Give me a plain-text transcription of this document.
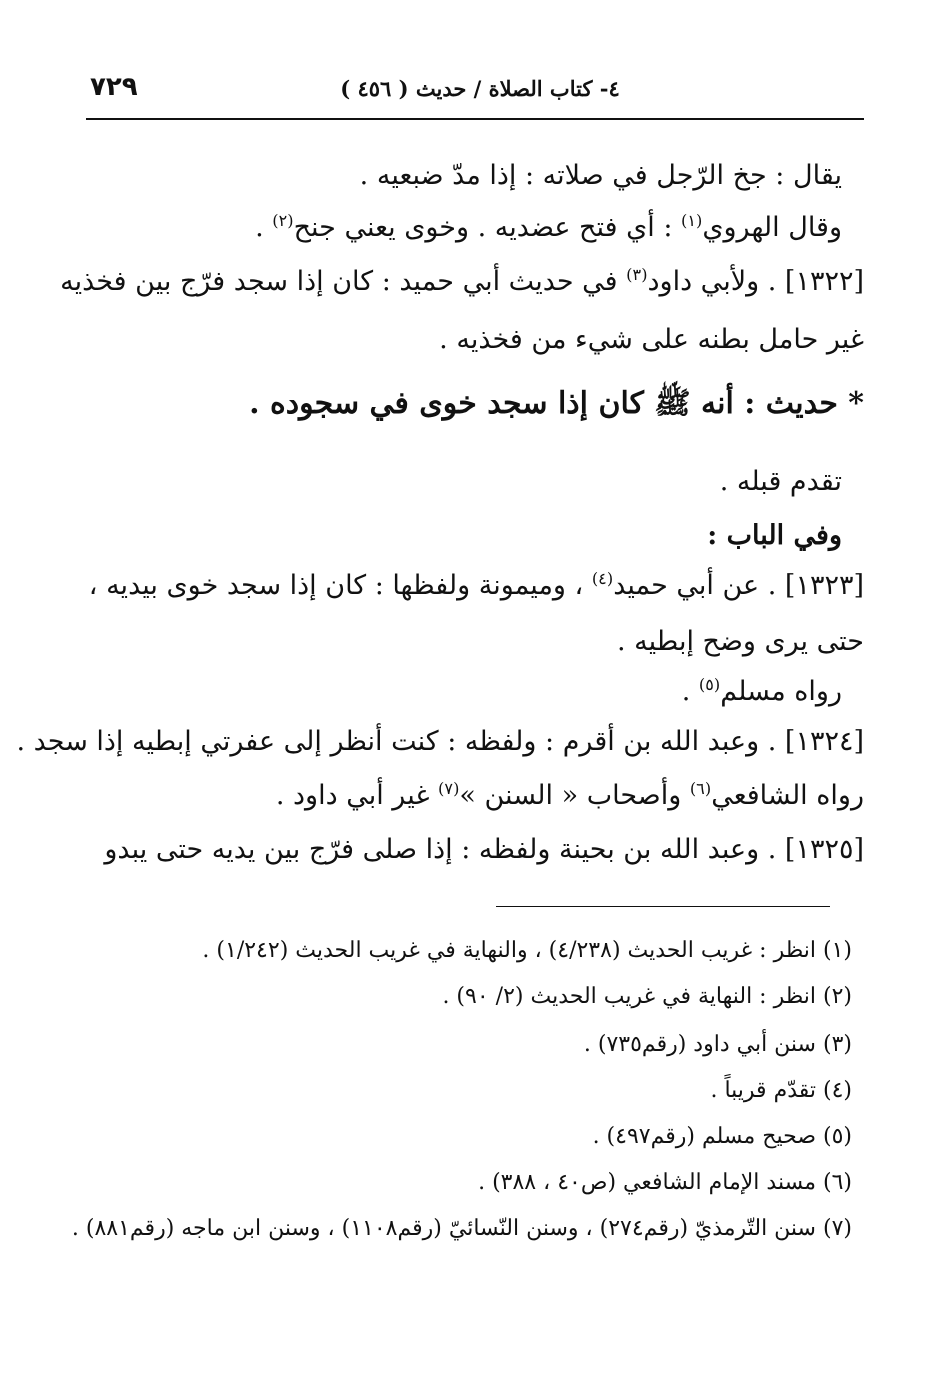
٧٢٩	٤- كتاب الصلاة / حديث ( ٤٥٦ )
يقال : جخ الرّجل في صلاته : إذا مدّ ضبعيه .
وقال الهروي$^{(١)}$ : أي فتح عضديه . وخوى يعني جنح$^{(٢)}$ .
[١٣٢٢] . ولأبي داود$^{(٣)}$ في حديث أبي حميد : كان إذا سجد فرّج بين فخذيه
غير حامل بطنه على شيء من فخذيه .
* حديث : أنه ﷺ كان إذا سجد خوى في سجوده .
تقدم قبله .
وفي الباب :
[١٣٢٣] . عن أبي حميد$^{(٤)}$ ، وميمونة ولفظها : كان إذا سجد خوى بيديه ،
حتى يرى وضح إبطيه .
رواه مسلم$^{(٥)}$ .
[١٣٢٤] . وعبد الله بن أقرم : ولفظه : كنت أنظر إلى عفرتي إبطيه إذا سجد .
رواه الشافعي$^{(٦)}$ وأصحاب « السنن »$^{(٧)}$ غير أبي داود .
[١٣٢٥] . وعبد الله بن بحينة ولفظه : إذا صلى فرّج بين يديه حتى يبدو
(١) انظر : غريب الحديث (٤/٢٣٨) ، والنهاية في غريب الحديث (١/٢٤٢) .
(٢) انظر : النهاية في غريب الحديث (٢/ ٩٠) .
(٣) سنن أبي داود (رقم٧٣٥) .
(٤) تقدّم قريباً .
(٥) صحيح مسلم (رقم٤٩٧) .
(٦) مسند الإمام الشافعي (ص٤٠ ، ٣٨٨) .
(٧) سنن التّرمذيّ (رقم٢٧٤) ، وسنن النّسائيّ (رقم١١٠٨) ، وسنن ابن ماجه (رقم٨٨١) .
